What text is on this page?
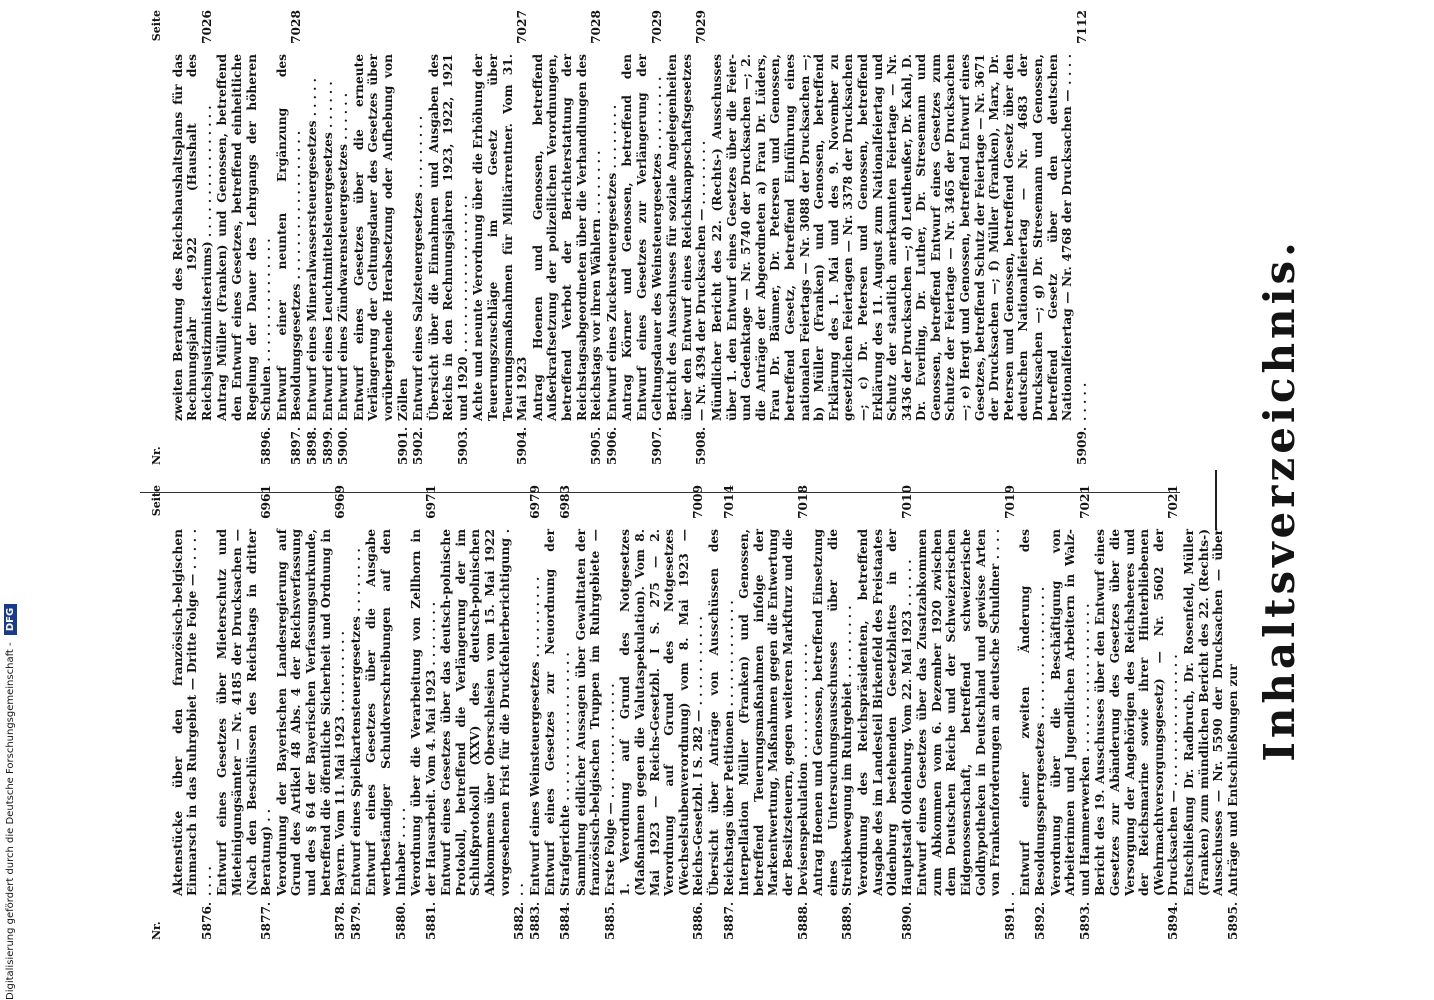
Inhaltsverzeichnis.
Nr.
Seite
5876.
Aktenstücke über den französisch-belgischen Einmarsch in das Ruhrgebiet — Dritte Folge — . . . . . . . . .
5877.
Entwurf eines Gesetzes über Mieterschutz und Mieteinigungsämter — Nr. 4185 der Drucksachen — (Nach den Beschlüssen des Reichstags in dritter Beratung) . .
6961
5878.
Verordnung der Bayerischen Landesregierung auf Grund des Artikel 48 Abs. 4 der Reichsverfassung und des § 64 der Bayerischen Verfassungsurkunde, betreffend die öffentliche Sicherheit und Ordnung in Bayern. Vom 11. Mai 1923 . . . . . . . . . .
6969
5879.
Entwurf eines Spielkartensteuergesetzes . . . . . . . .
5880.
Entwurf eines Gesetzes über die Ausgabe wertbeständiger Schuldverschreibungen auf den Inhaber . . . .
5881.
Verordnung über die Verarbeitung von Zellhorn in der Hausarbeit. Vom 4. Mai 1923 . . . . . . . .
6971
5882.
Entwurf eines Gesetzes über das deutsch-polnische Protokoll, betreffend die Verlängerung der im Schlußprotokoll (XXV) des deutsch-polnischen Abkommens über Oberschlesien vom 15. Mai 1922 vorgesehenen Frist für die Druckfehlerberichtigung . . .
5883.
Entwurf eines Weinsteuergesetzes . . . . . . . . . .
6979
5884.
Entwurf eines Gesetzes zur Neuordnung der Strafgerichte . . . . . . . . . . . . . . . . . .
6983
5885.
Sammlung eidlicher Aussagen über Gewalttaten der französisch-belgischen Truppen im Ruhrgebiete — Erste Folge — . . . . . . . . . . . . . .
5886.
1. Verordnung auf Grund des Notgesetzes (Maßnahmen gegen die Valutaspekulation). Vom 8. Mai 1923 — Reichs-Gesetzbl. I S. 275 — 2. Verordnung auf Grund des Notgesetzes (Wechselstubenverordnung) vom 8. Mai 1923 — Reichs-Gesetzbl. I S. 282 — . . . . . . . . . . .
7009
5887.
Übersicht über Anträge von Ausschüssen des Reichstags über Petitionen . . . . . . . . . . . . .
7014
5888.
Interpellation Müller (Franken) und Genossen, betreffend Teuerungsmaßnahmen infolge der Markentwertung, Maßnahmen gegen die Entwertung der Besitzsteuern, gegen weiteren Markfturz und die Devisenspekulation . . . . . . . . . . . . . .
7018
5889.
Antrag Hoenen und Genossen, betreffend Einsetzung eines Untersuchungsausschusses über die Streikbewegung im Ruhrgebiet . . . . . . . . .
5890.
Verordnung des Reichspräsidenten, betreffend Ausgabe des im Landesteil Birkenfeld des Freistaates Oldenburg bestehenden Gesetzblattes in der Hauptstadt Oldenburg. Vom 22. Mai 1923 . . . . . .
7010
5891.
Entwurf eines Gesetzes über das Zusatzabkommen zum Abkommen vom 6. Dezember 1920 zwischen dem Deutschen Reiche und der Schweizerischen Eidgenossenschaft, betreffend schweizerische Goldhypotheken in Deutschland und gewisse Arten von Frankenforderungen an deutsche Schuldner . . . . .
7019
5892.
Entwurf einer zweiten Änderung des Besoldungssperrgesetzes . . . . . . . . . . . . . . . .
5893.
Verordnung über die Beschäftigung von Arbeiterinnen und Jugendlichen Arbeitern in Walz- und Hammerwerken . . . . . . . . . . . . . . . . . .
7021
5894.
Bericht des 19. Ausschusses über den Entwurf eines Gesetzes zur Abänderung des Gesetzes über die Versorgung der Angehörigen des Reichsheeres und der Reichsmarine sowie ihrer Hinterbliebenen (Wehrmachtversorgungsgesetz) — Nr. 5602 der Drucksachen — . . . . . . . . . . . . . . . .
7021
5895.
Entschließung Dr. Radbruch, Dr. Rosenfeld, Müller (Franken) zum mündlichen Bericht des 22. (Rechts-) Ausschusses — Nr. 5590 der Drucksachen — über Anträge und Entschließungen zur
Nr.
Seite
zweiten Beratung des Reichshaushaltsplans für das Rechnungsjahr 1922 (Haushalt des Reichsjustizministeriums) . . . . . . . . . . . . . . . .
7026
5896.
Antrag Müller (Franken) und Genossen, betreffend den Entwurf eines Gesetzes, betreffend einheitliche Regelung der Dauer des Lehrgangs der höheren Schulen . . . . . . . . . . . . . . .
5897.
Entwurf einer neunten Ergänzung des Besoldungsgesetzes . . . . . . . . . . . . . . . . . .
7028
5898.
Entwurf eines Mineralwassersteuergesetzes . . . . .
5899.
Entwurf eines Leuchtmittelsteuergesetzes . . . . . .
5900.
Entwurf eines Zündwarensteuergesetzes . . . . . .
5901.
Entwurf eines Gesetzes über die erneute Verlängerung der Geltungsdauer des Gesetzes über vorübergehende Herabsetzung oder Aufhebung von Zöllen
5902.
Entwurf eines Salzsteuergesetzes . . . . . . . . .
5903.
Übersicht über die Einnahmen und Ausgaben des Reichs in den Rechnungsjahren 1923, 1922, 1921 und 1920 . . . . . . . . . . . . . . . . . . .
5904.
Achte und neunte Verordnung über die Erhöhung der Teuerungszuschläge im Gesetz über Teuerungsmaßnahmen für Militärrentner. Vom 31. Mai 1923
7027
5905.
Antrag Hoenen und Genossen, betreffend Außerkraftsetzung der polizeilichen Verordnungen, betreffend Verbot der Berichterstattung der Reichstagsabgeordneten über die Verhandlungen des Reichstags vor ihren Wählern . . . . . . . .
7028
5906.
Entwurf eines Zuckersteuergesetzes . . . . . . . .
5907.
Antrag Körner und Genossen, betreffend den Entwurf eines Gesetzes zur Verlängerung der Geltungsdauer des Weinsteuergesetzes . . . . . . . . .
7029
5908.
Bericht des Ausschusses für soziale Angelegenheiten über den Entwurf eines Reichsknappschaftsgesetzes — Nr. 4394 der Drucksachen — . . . . . . . .
7029
5909.
Mündlicher Bericht des 22. (Rechts-) Ausschusses über 1. den Entwurf eines Gesetzes über die Feier- und Gedenktage — Nr. 5740 der Drucksachen —; 2. die Anträge der Abgeordneten a) Frau Dr. Lüders, Frau Dr. Bäumer, Dr. Petersen und Genossen, betreffend Gesetz, betreffend Einführung eines nationalen Feiertags — Nr. 3088 der Drucksachen —; b) Müller (Franken) und Genossen, betreffend Erklärung des 1. Mai und des 9. November zu gesetzlichen Feiertagen — Nr. 3378 der Drucksachen —; c) Dr. Petersen und Genossen, betreffend Erklärung des 11. August zum Nationalfeiertag und Schutz der staatlich anerkannten Feiertage — Nr. 3436 der Drucksachen —; d) Leutheußer, Dr. Kahl, D. Dr. Everling, Dr. Luther, Dr. Stresemann und Genossen, betreffend Entwurf eines Gesetzes zum Schutze der Feiertage — Nr. 3465 der Drucksachen —; e) Hergt und Genossen, betreffend Entwurf eines Gesetzes, betreffend Schutz der Feiertage — Nr. 3671 der Drucksachen —; f) Müller (Franken), Marx, Dr. Petersen und Genossen, betreffend Gesetz über den deutschen Nationalfeiertag — Nr. 4683 der Drucksachen —; g) Dr. Stresemann und Genossen, betreffend Gesetz über den deutschen Nationalfeiertag — Nr. 4768 der Drucksachen — . . . . . . . . .
7112
Digitalisierung gefördert durch die Deutsche Forschungsgemeinschaft - DFG
